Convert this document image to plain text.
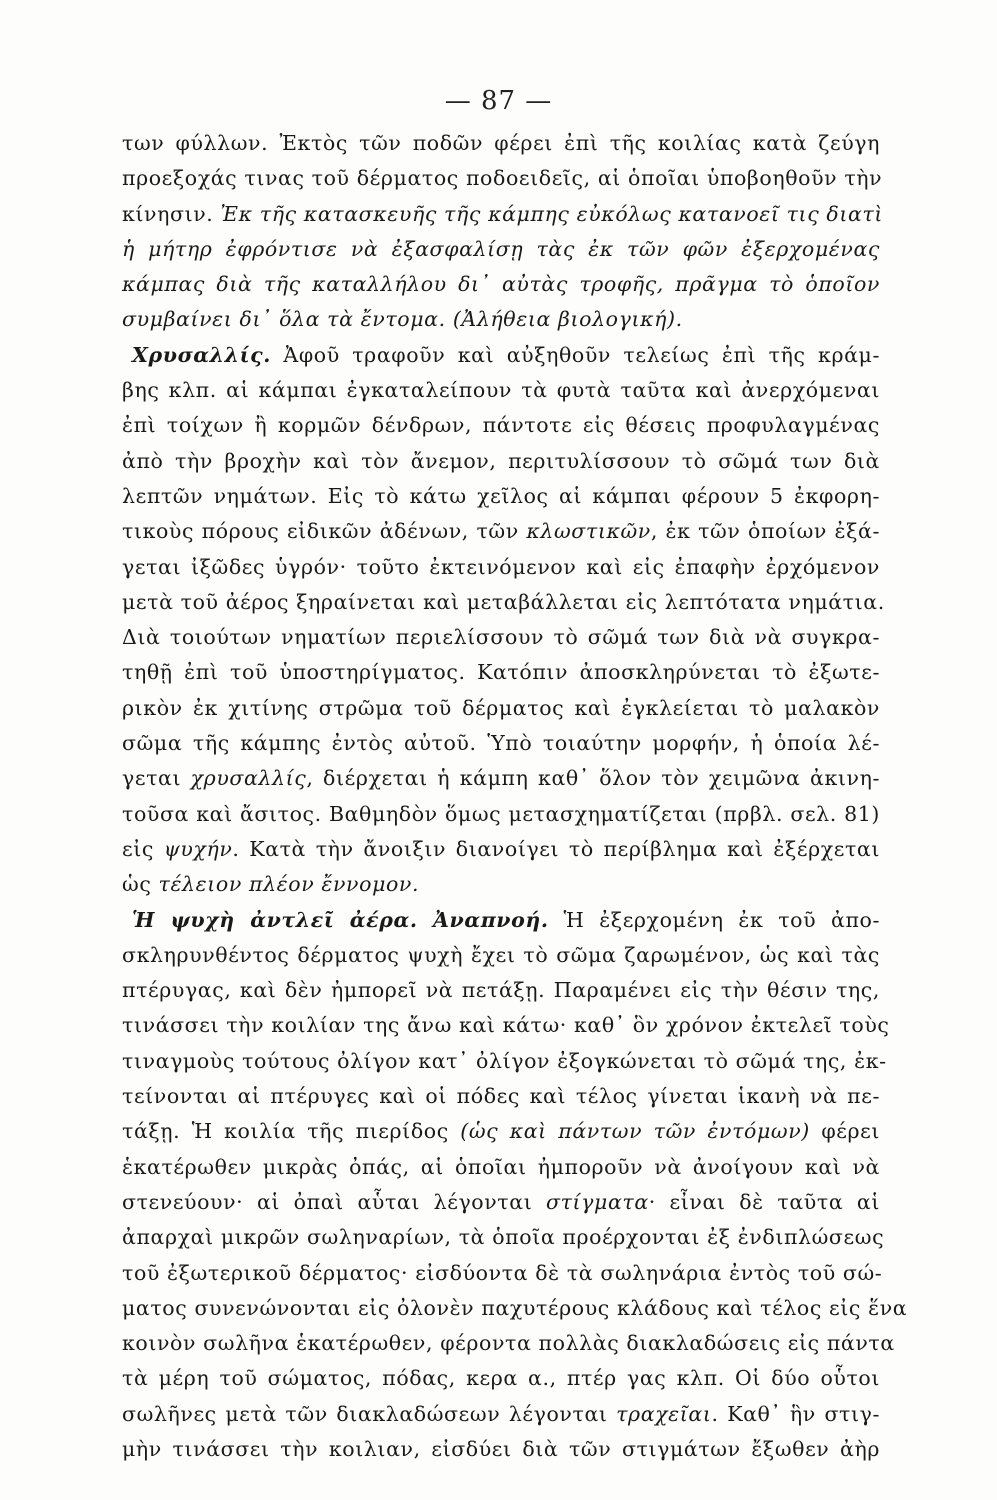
— 87 —
των φύλλων. Ἐκτὸς τῶν ποδῶν φέρει ἐπὶ τῆς κοιλίας κατὰ ζεύγη
προεξοχάς τινας τοῦ δέρματος ποδοειδεῖς, αἱ ὁποῖαι ὑποβοηθοῦν τὴν
κίνησιν. Ἐκ τῆς κατασκευῆς τῆς κάμπης εὐκόλως κατανοεῖ τις διατὶ
ἡ μήτηρ ἐφρόντισε νὰ ἐξασφαλίσῃ τὰς ἐκ τῶν φῶν ἐξερχομένας
κάμπας διὰ τῆς καταλλήλου δι᾽ αὐτὰς τροφῆς, πρᾶγμα τὸ ὁποῖον
συμβαίνει δι᾽ ὅλα τὰ ἔντομα. (Ἀλήθεια βιολογική).
Χρυσαλλίς. Ἀφοῦ τραφοῦν καὶ αὐξηθοῦν τελείως ἐπὶ τῆς κράμ-
βης κλπ. αἱ κάμπαι ἐγκαταλείπουν τὰ φυτὰ ταῦτα καὶ ἀνερχόμεναι
ἐπὶ τοίχων ἢ κορμῶν δένδρων, πάντοτε εἰς θέσεις προφυλαγμένας
ἀπὸ τὴν βροχὴν καὶ τὸν ἄνεμον, περιτυλίσσουν τὸ σῶμά των διὰ
λεπτῶν νημάτων. Εἰς τὸ κάτω χεῖλος αἱ κάμπαι φέρουν 5 ἐκφορη-
τικοὺς πόρους εἰδικῶν ἀδένων, τῶν κλωστικῶν, ἐκ τῶν ὁποίων ἐξά-
γεται ἰξῶδες ὑγρόν· τοῦτο ἐκτεινόμενον καὶ εἰς ἐπαφὴν ἐρχόμενον
μετὰ τοῦ ἀέρος ξηραίνεται καὶ μεταβάλλεται εἰς λεπτότατα νημάτια.
Διὰ τοιούτων νηματίων περιελίσσουν τὸ σῶμά των διὰ νὰ συγκρα-
τηθῇ ἐπὶ τοῦ ὑποστηρίγματος. Κατόπιν ἀποσκληρύνεται τὸ ἐξωτε-
ρικὸν ἐκ χιτίνης στρῶμα τοῦ δέρματος καὶ ἐγκλείεται τὸ μαλακὸν
σῶμα τῆς κάμπης ἐντὸς αὐτοῦ. Ὑπὸ τοιαύτην μορφήν, ἡ ὁποία λέ-
γεται χρυσαλλίς, διέρχεται ἡ κάμπη καθ᾽ ὅλον τὸν χειμῶνα ἀκινη-
τοῦσα καὶ ἄσιτος. Βαθμηδὸν ὅμως μετασχηματίζεται (πρβλ. σελ. 81)
εἰς ψυχήν. Κατὰ τὴν ἄνοιξιν διανοίγει τὸ περίβλημα καὶ ἐξέρχεται
ὡς τέλειον πλέον ἔννομον.
Ἡ ψυχὴ ἀντλεῖ ἀέρα. Ἀναπνοή. Ἡ ἐξερχομένη ἐκ τοῦ ἀπο-
σκληρυνθέντος δέρματος ψυχὴ ἔχει τὸ σῶμα ζαρωμένον, ὡς καὶ τὰς
πτέρυγας, καὶ δὲν ἠμπορεῖ νὰ πετάξῃ. Παραμένει εἰς τὴν θέσιν της,
τινάσσει τὴν κοιλίαν της ἄνω καὶ κάτω· καθ᾽ ὃν χρόνον ἐκτελεῖ τοὺς
τιναγμοὺς τούτους ὀλίγον κατ᾽ ὀλίγον ἐξογκώνεται τὸ σῶμά της, ἐκ-
τείνονται αἱ πτέρυγες καὶ οἱ πόδες καὶ τέλος γίνεται ἱκανὴ νὰ πε-
τάξῃ. Ἡ κοιλία τῆς πιερίδος (ὡς καὶ πάντων τῶν ἐντόμων) φέρει
ἑκατέρωθεν μικρὰς ὀπάς, αἱ ὁποῖαι ἠμποροῦν νὰ ἀνοίγουν καὶ νὰ
στενεύουν· αἱ ὀπαὶ αὗται λέγονται στίγματα· εἶναι δὲ ταῦτα αἱ
ἀπαρχαὶ μικρῶν σωληναρίων, τὰ ὁποῖα προέρχονται ἐξ ἐνδιπλώσεως
τοῦ ἐξωτερικοῦ δέρματος· εἰσδύοντα δὲ τὰ σωληνάρια ἐντὸς τοῦ σώ-
ματος συνενώνονται εἰς ὀλονὲν παχυτέρους κλάδους καὶ τέλος εἰς ἕνα
κοινὸν σωλῆνα ἑκατέρωθεν, φέροντα πολλὰς διακλαδώσεις εἰς πάντα
τὰ μέρη τοῦ σώματος, πόδας, κερα α., πτέρ γας κλπ. Οἱ δύο οὗτοι
σωλῆνες μετὰ τῶν διακλαδώσεων λέγονται τραχεῖαι. Καθ᾽ ἣν στιγ-
μὴν τινάσσει τὴν κοιλιαν, εἰσδύει διὰ τῶν στιγμάτων ἔξωθεν ἀὴρ
